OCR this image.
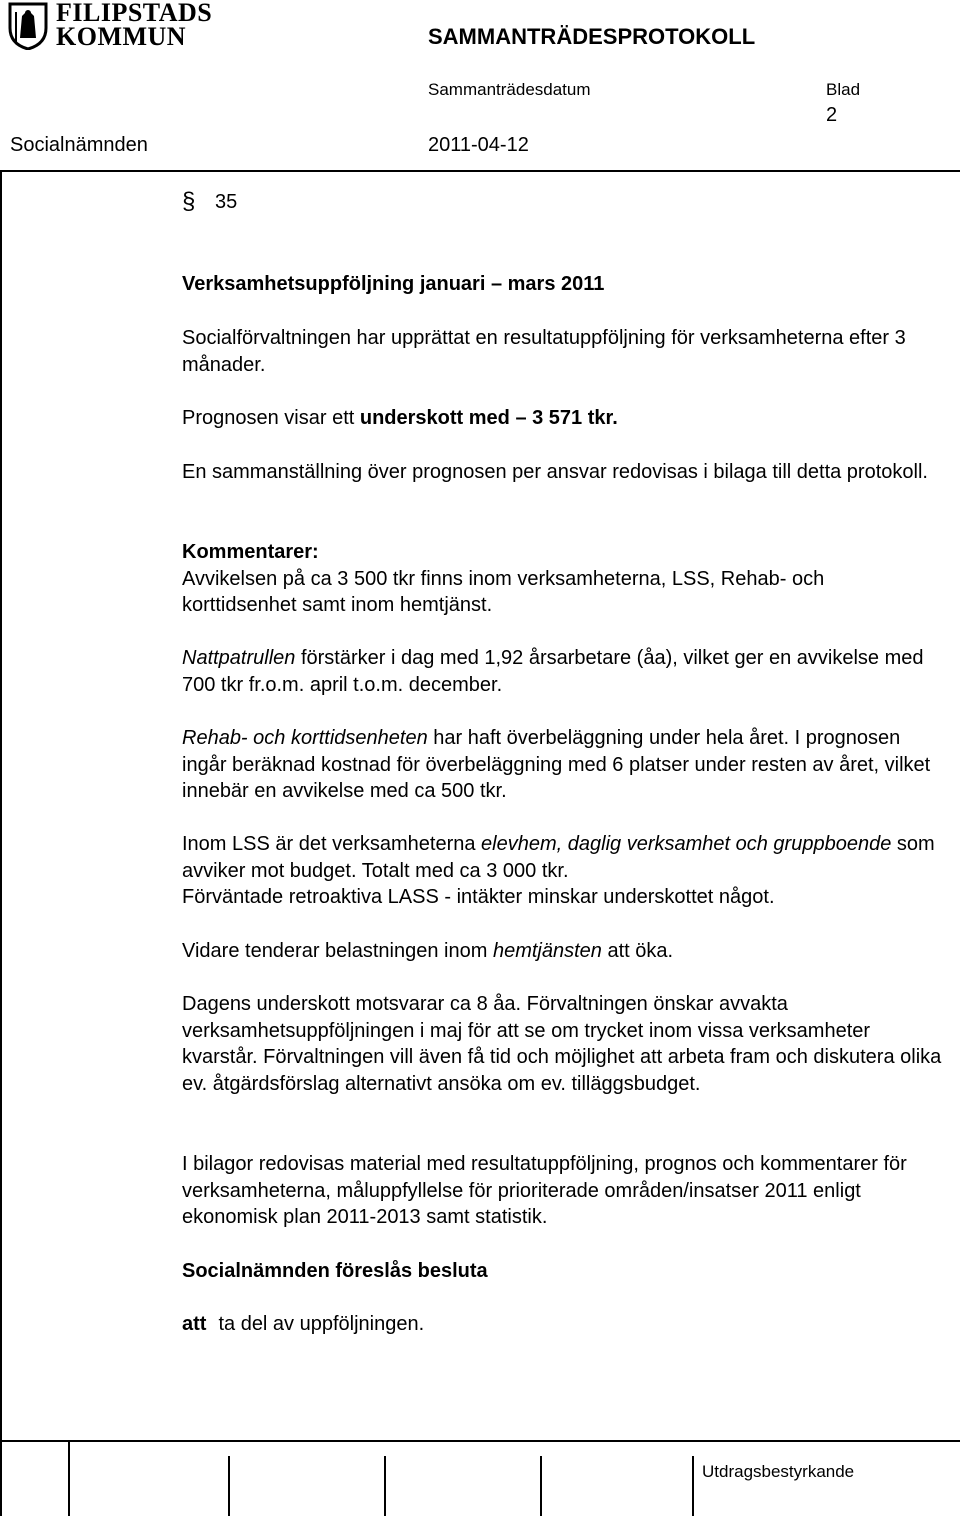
FILIPSTADS
KOMMUN	SAMMANTRÄDESPROTOKOLL
Sammanträdesdatum	Blad
2
Socialnämnden	2011-04-12
§ 35

Verksamhetsuppföljning januari – mars 2011

Socialförvaltningen har upprättat en resultatuppföljning för verksamheterna efter 3 månader.

Prognosen visar ett underskott med – 3 571 tkr.

En sammanställning över prognosen per ansvar redovisas i bilaga till detta protokoll.

Kommentarer:

Avvikelsen på ca 3 500 tkr finns inom verksamheterna, LSS, Rehab- och korttidsenhet samt inom hemtjänst.

Nattpatrullen förstärker i dag med 1,92 årsarbetare (åa), vilket ger en avvikelse med 700 tkr fr.o.m. april t.o.m. december.

Rehab- och korttidsenheten har haft överbeläggning under hela året. I prognosen ingår beräknad kostnad för överbeläggning med 6 platser under resten av året, vilket innebär en avvikelse med ca 500 tkr.

Inom LSS är det verksamheterna elevhem, daglig verksamhet och gruppboende som avviker mot budget. Totalt med ca 3 000 tkr.

Förväntade retroaktiva LASS - intäkter minskar underskottet något.

Vidare tenderar belastningen inom hemtjänsten att öka.

Dagens underskott motsvarar ca 8 åa. Förvaltningen önskar avvakta verksamhetsuppföljningen i maj för att se om trycket inom vissa verksamheter kvarstår. Förvaltningen vill även få tid och möjlighet att arbeta fram och diskutera olika ev. åtgärdsförslag alternativt ansöka om ev. tilläggsbudget.

I bilagor redovisas material med resultatuppföljning, prognos och kommentarer för verksamheterna, måluppfyllelse för prioriterade områden/insatser 2011 enligt ekonomisk plan 2011-2013 samt statistik.

Socialnämnden föreslås besluta

att ta del av uppföljningen.

Utdragsbestyrkande
